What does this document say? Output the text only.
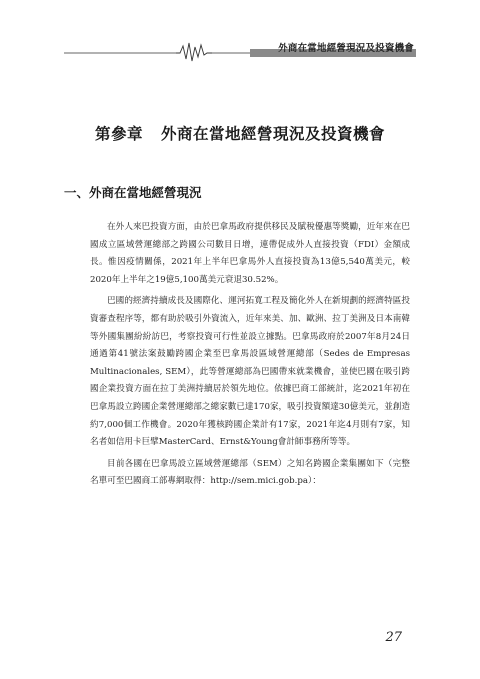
外商在當地經營現況及投資機會
第參章 外商在當地經營現況及投資機會
一、外商在當地經營現況

在外人來巴投資方面，由於巴拿馬政府提供移民及賦稅優惠等獎勵，近年來在巴國成立區域營運總部之跨國公司數目日增，連帶促成外人直接投資（FDI）金額成長。惟因疫情關係，2021年上半年巴拿馬外人直接投資為13億5,540萬美元，較2020年上半年之19億5,100萬美元衰退30.52%。

巴國的經濟持續成長及國際化、運河拓寬工程及簡化外人在新規劃的經濟特區投資審查程序等，都有助於吸引外資流入，近年來美、加、歐洲、拉丁美洲及日本南韓等外國集團紛紛訪巴，考察投資可行性並設立據點。巴拿馬政府於2007年8月24日通過第41號法案鼓勵跨國企業至巴拿馬設區域營運總部（Sedes de Empresas Multinacionales, SEM），此等營運總部為巴國帶來就業機會，並使巴國在吸引跨國企業投資方面在拉丁美洲持續居於領先地位。依據巴商工部統計，迄2021年初在巴拿馬設立跨國企業營運總部之總家數已達170家，吸引投資額達30億美元，並創造約7,000個工作機會。2020年獲核跨國企業計有17家，2021年迄4月則有7家，知名者如信用卡巨擘MasterCard、Ernst&Young會計師事務所等等。

目前各國在巴拿馬設立區域營運總部（SEM）之知名跨國企業集團如下（完整名單可至巴國商工部專網取得：http://sem.mici.gob.pa）：

27
